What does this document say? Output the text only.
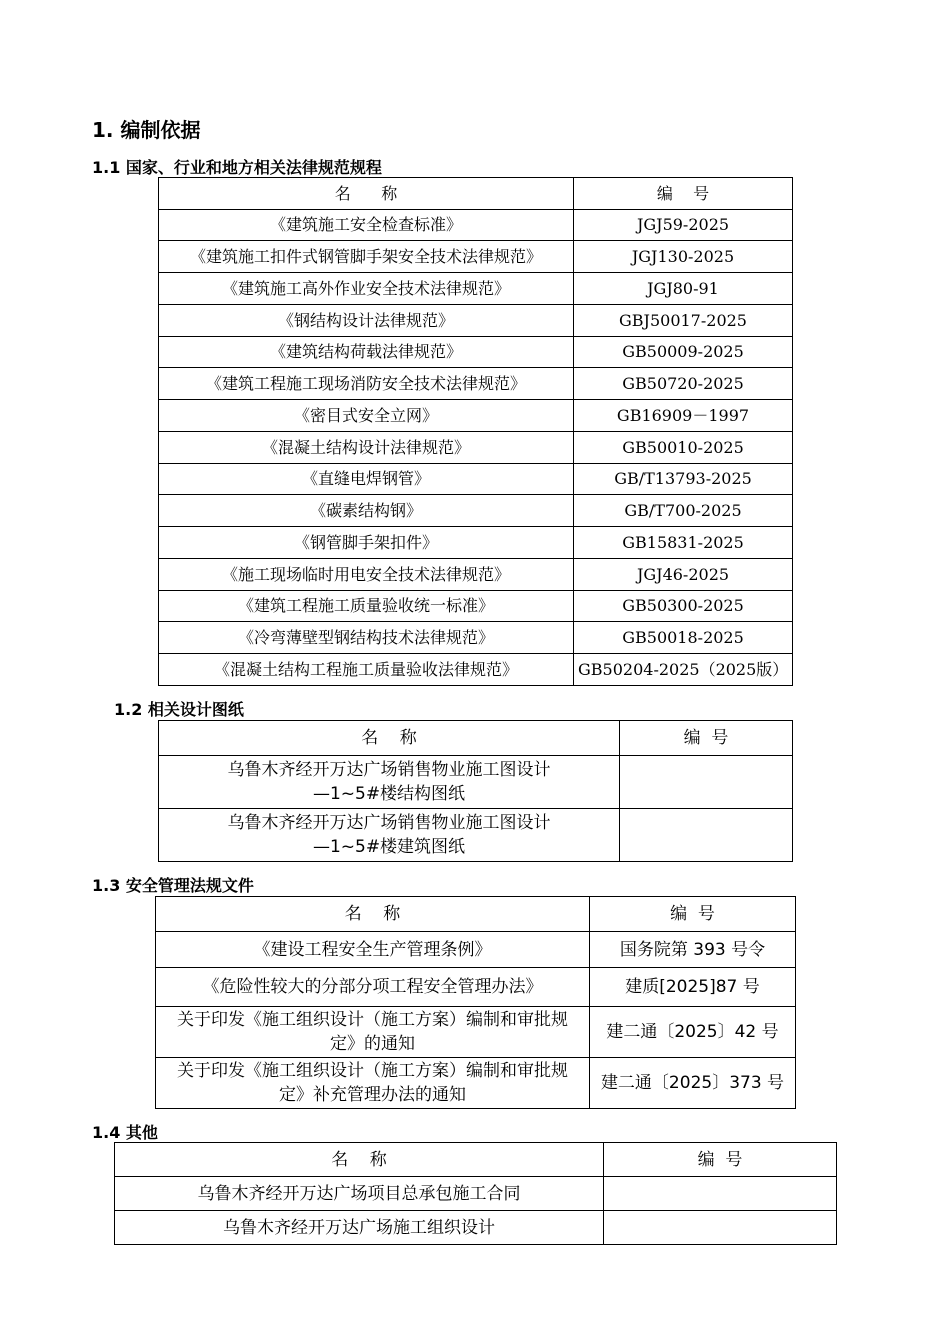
1. 编制依据
1.1 国家、行业和地方相关法律规范规程
名      称	编    号
《建筑施工安全检查标准》	JGJ59-2025

《建筑施工扣件式钢管脚手架安全技术法律规范》	JGJ130-2025
《建筑施工高外作业安全技术法律规范》	JGJ80-91
《钢结构设计法律规范》	GBJ50017-2025
《建筑结构荷载法律规范》	GB50009-2025
《建筑工程施工现场消防安全技术法律规范》	GB50720-2025
《密目式安全立网》	GB16909－1997
《混凝土结构设计法律规范》	GB50010-2025
《直缝电焊钢管》	GB/T13793-2025
《碳素结构钢》	GB/T700-2025
《钢管脚手架扣件》	GB15831-2025
《施工现场临时用电安全技术法律规范》	JGJ46-2025
《建筑工程施工质量验收统一标准》	GB50300-2025
《冷弯薄壁型钢结构技术法律规范》	GB50018-2025
《混凝土结构工程施工质量验收法律规范》	GB50204-2025（2025版）
1.2 相关设计图纸
名    称	编  号

乌鲁木齐经开万达广场销售物业施工图设计
—1~5#楼结构图纸	

乌鲁木齐经开万达广场销售物业施工图设计
—1~5#楼建筑图纸	

1.3 安全管理法规文件
名    称	编  号
《建设工程安全生产管理条例》	国务院第 393 号令
《危险性较大的分部分项工程安全管理办法》	建质[2025]87 号
关于印发《施工组织设计（施工方案）编制和审批规定》的通知	建二通〔2025〕42 号
关于印发《施工组织设计（施工方案）编制和审批规定》补充管理办法的通知	建二通〔2025〕373 号
1.4 其他
名    称	编  号
乌鲁木齐经开万达广场项目总承包施工合同	
乌鲁木齐经开万达广场施工组织设计	
